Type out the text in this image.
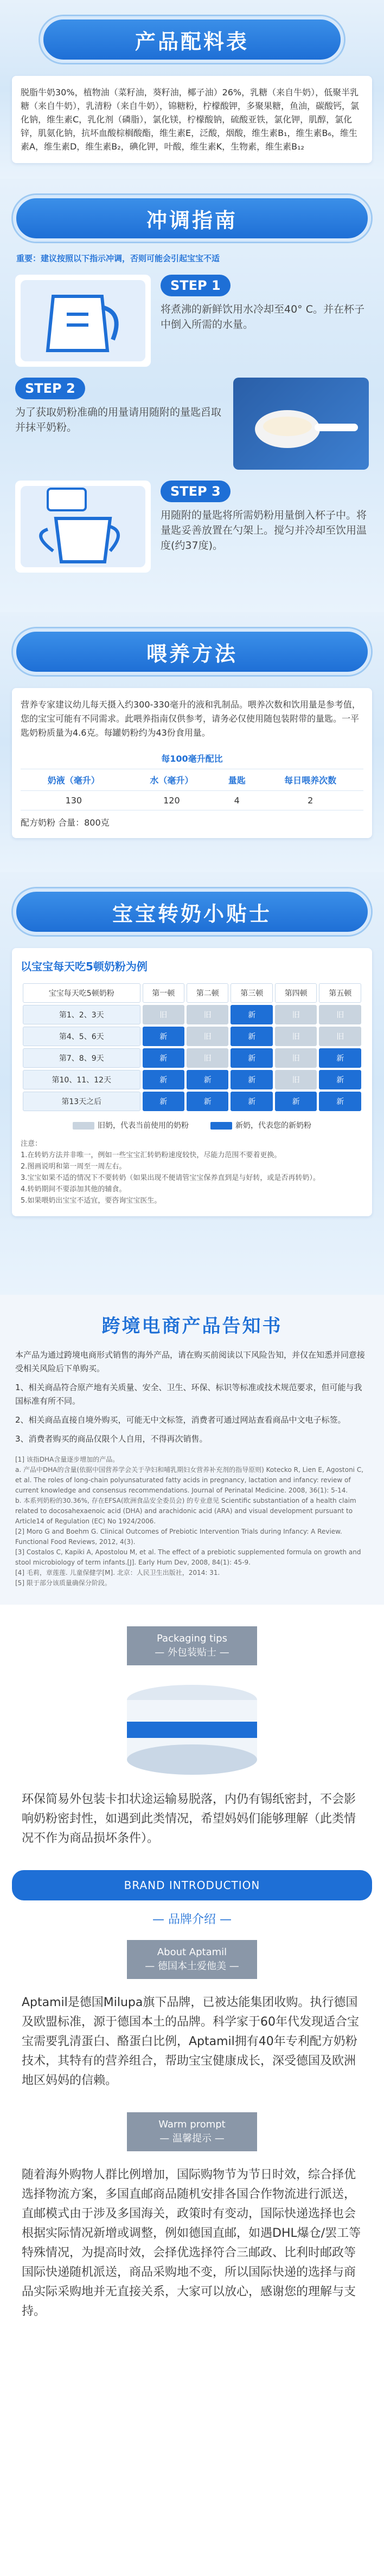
产品配料表

脱脂牛奶30%，植物油（菜籽油，葵籽油，椰子油）26%，乳糖（来自牛奶），低聚半乳糖（来自牛奶），乳清粉（来自牛奶），锦糖粉，柠檬酸钾，多聚果糖，鱼油，碳酸钙，氯化钠，维生素C，乳化剂（磷脂），氯化镁，柠檬酸钠，硫酸亚铁，氯化钾，肌醇，氯化锌，肌氨化钠，抗坏血酸棕榈酸酯，维生素E，泛酸，烟酸，维生素B₁，维生素B₆，维生素A，维生素D，维生素B₂，碘化钾，叶酸，维生素K，生物素，维生素B₁₂

冲调指南

重要：建议按照以下指示冲调，否则可能会引起宝宝不适

STEP 1

将煮沸的新鲜饮用水冷却至40° C。并在杯子中倒入所需的水量。

STEP 2

为了获取奶粉准确的用量请用随附的量匙舀取并抹平奶粉。

STEP 3

用随附的量匙将所需奶粉用量倒入杯子中。将量匙妥善放置在勺架上。搅匀并冷却至饮用温度(约37度)。

喂养方法

营养专家建议幼儿每天摄入约300-330毫升的液和乳制品。喂养次数和饮用量是参考值，您的宝宝可能有不同需求。此喂养指南仅供参考，请务必仅使用随包装附带的量匙。一平匙奶粉质量为4.6克。每罐奶粉约为43份食用量。

	每100毫升配比		
奶液（毫升）	水（毫升）	量匙	每日喂养次数
130	120	4	2

配方奶粉 合量：800克

宝宝转奶小贴士

以宝宝每天吃5顿奶粉为例

宝宝每天吃5顿奶粉	第一顿	第二顿	第三顿	第四顿	第五顿
第1、2、3天	旧	旧	新	旧	旧
第4、5、6天	新	旧	新	旧	旧
第7、8、9天	新	旧	新	旧	新
第10、11、12天	新	新	新	旧	新
第13天之后	新	新	新	新	新
旧奶，代表当前使用的奶粉	新奶，代表您的新奶粉

注意：

1.在转奶方法并非唯一，例如一些宝宝汇转奶粉速度较快，尽能力范围不要着更换。

2.图画说明和第一周至一周左右。

3.宝宝如果不适的情况下不要转奶（如果出现不便请管宝宝保养直到是与好转，或是否再转奶）。

4.转奶期间不要添加其他的辅食。

5.如果喂奶出宝宝不适宜，要咨询宝宝医生。

跨境电商产品告知书

本产品为通过跨境电商形式销售的海外产品，请在购买前阅读以下风险告知，并仅在知悉并同意接受相关风险后下单购买。

1、相关商品符合原产地有关质量、安全、卫生、环保、标识等标准或技术规范要求，但可能与我国标准有所不同。

2、相关商品直接自境外购买，可能无中文标签，消费者可通过网站查看商品中文电子标签。

3、消费者购买的商品仅限个人自用，不得再次销售。

[1] 该指DHA含量逐步增加的产品。

a. 产品中DHA的含量(依据中国营养学会关于孕妇和哺乳期妇女营养补充剂的指导原则) Kotecko R, Lien E, Agostoni C, et al. The roles of long-chain polyunsaturated fatty acids in pregnancy, lactation and infancy: review of current knowledge and consensus recommendations. Journal of Perinatal Medicine. 2008, 36(1): 5-14.

b. 本系列奶粉的30.36%, 存在EFSA(欧洲食品安全委员会) 的专业意见 Scientific substantiation of a health claim related to docosahexaenoic acid (DHA) and arachidonic acid (ARA) and visual development pursuant to Article14 of Regulation (EC) No 1924/2006.

[2] Moro G and Boehm G. Clinical Outcomes of Prebiotic Intervention Trials during Infancy: A Review. Functional Food Reviews, 2012, 4(3).

[3] Costalos C, Kapiki A, Apostolou M, et al. The effect of a prebiotic supplemented formula on growth and stool microbiology of term infants.[J]. Early Hum Dev, 2008, 84(1): 45-9.

[4] 毛莉，章莲莲. 儿童保健学[M]. 北京：人民卫生出版社，2014: 31.

[5] 限于部分该质量确保分阶段。

Packaging tips
— 外包装贴士 —

环保简易外包装卡扣状途运输易脱落，内仍有锡纸密封，不会影响奶粉密封性，如遇到此类情况，希望妈妈们能够理解（此类情况不作为商品损坏条件）。

BRAND INTRODUCTION

— 品牌介绍 —

About Aptamil
— 德国本土爱他美 —

Aptamil是德国Milupa旗下品牌，已被达能集团收购。执行德国及欧盟标准，源于德国本土的品牌。科学家于60年代发现适合宝宝需要乳清蛋白、酪蛋白比例，Aptamil拥有40年专利配方奶粉技术，其特有的营养组合，帮助宝宝健康成长，深受德国及欧洲地区妈妈的信赖。

Warm prompt
— 温馨提示 —

随着海外购物人群比例增加，国际购物节为节日时效，综合择优选择物流方案，多国直邮商品随机安排各国合作物流进行派送，直邮模式由于涉及多国海关，政策时有变动，国际快递选择也会根据实际情况新增或调整，例如德国直邮，如遇DHL爆仓/罢工等特殊情况，为提高时效，会择优选择符合三邮政、比利时邮政等国际快递随机派送，商品采购地不变，所以国际快递的选择与商品实际采购地并无直接关系，大家可以放心，感谢您的理解与支持。
